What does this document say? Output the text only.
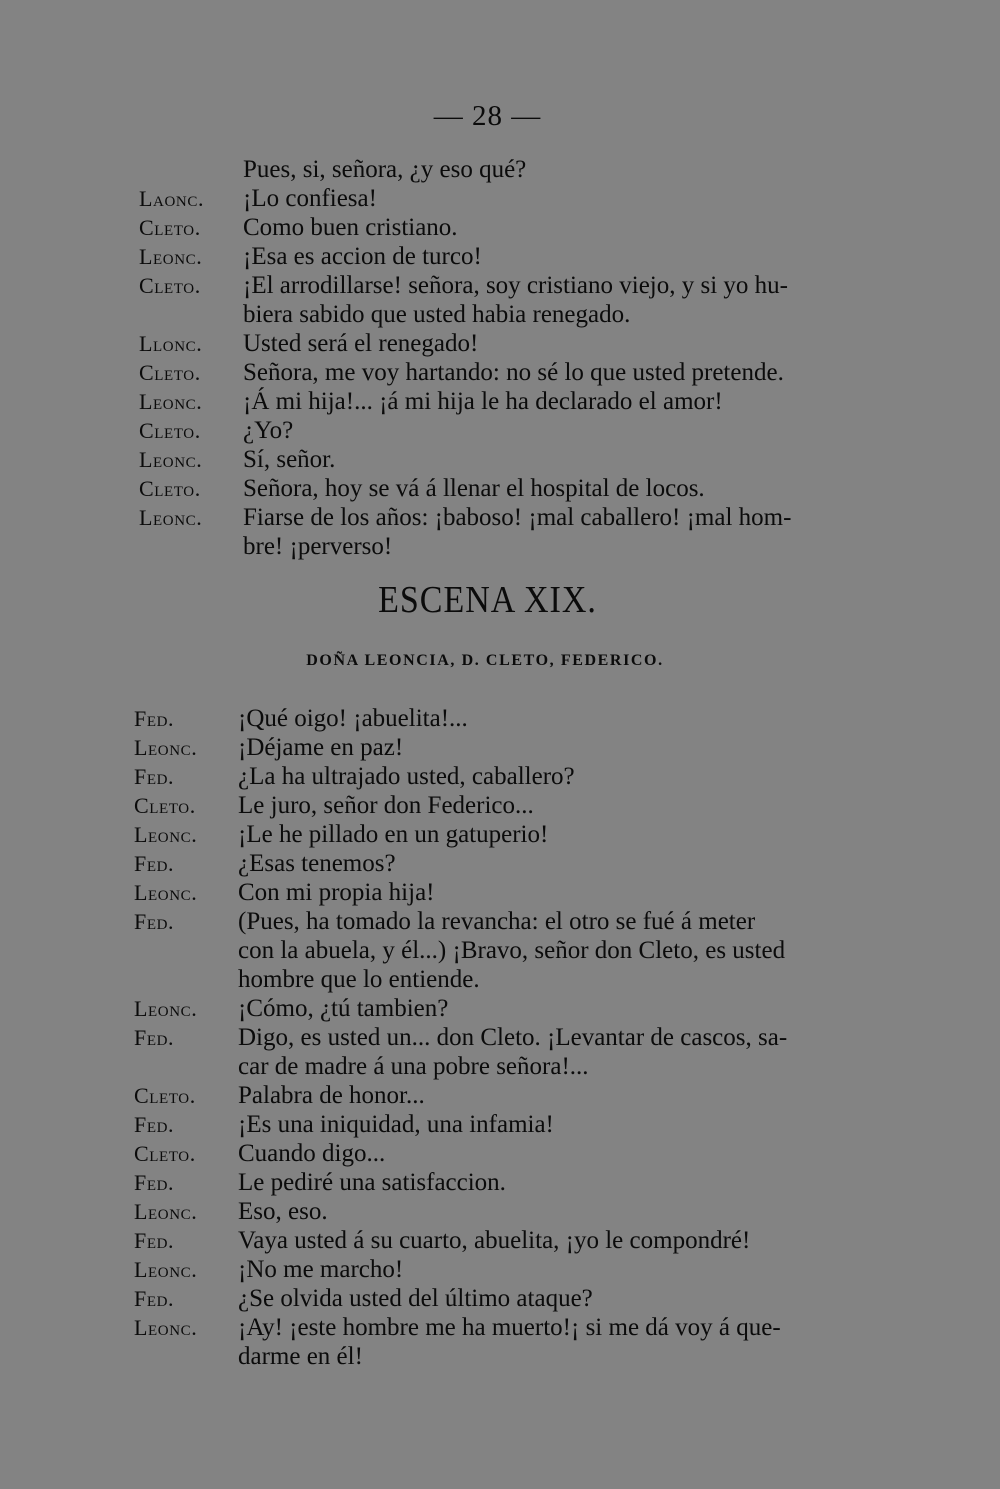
— 28 —
Pues, si, señora, ¿y eso qué?
Laonc. ¡Lo confiesa!
Cleto. Como buen cristiano.
Leonc. ¡Esa es accion de turco!
Cleto. ¡El arrodillarse! señora, soy cristiano viejo, y si yo hu-
biera sabido que usted habia renegado.
Llonc. Usted será el renegado!
Cleto. Señora, me voy hartando: no sé lo que usted pretende.
Leonc. ¡Á mi hija!... ¡á mi hija le ha declarado el amor!
Cleto. ¿Yo?
Leonc. Sí, señor.
Cleto. Señora, hoy se vá á llenar el hospital de locos.
Leonc. Fiarse de los años: ¡baboso! ¡mal caballero! ¡mal hom-
bre! ¡perverso!
ESCENA XIX.
DOÑA LEONCIA, D. CLETO, FEDERICO.
Fed.	¡Qué oigo! ¡abuelita!...
Leonc. ¡Déjame en paz!
Fed.	¿La ha ultrajado usted, caballero?
Cleto. Le juro, señor don Federico...
Leonc. ¡Le he pillado en un gatuperio!
Fed.	¿Esas tenemos?
Leonc. Con mi propia hija!
Fed.	(Pues, ha tomado la revancha: el otro se fué á meter
con la abuela, y él...) ¡Bravo, señor don Cleto, es usted
hombre que lo entiende.
Leonc. ¡Cómo, ¿tú tambien?
Fed.	Digo, es usted un... don Cleto. ¡Levantar de cascos, sa-
car de madre á una pobre señora!...
Cleto. Palabra de honor...
Fed.	¡Es una iniquidad, una infamia!
Cleto. Cuando digo...
Fed.	Le pediré una satisfaccion.
Leonc. Eso, eso.
Fed.	Vaya usted á su cuarto, abuelita, ¡yo le compondré!
Leonc. ¡No me marcho!
Fed.	¿Se olvida usted del último ataque?
Leonc. ¡Ay! ¡este hombre me ha muerto!¡ si me dá voy á que-
darme en él!
